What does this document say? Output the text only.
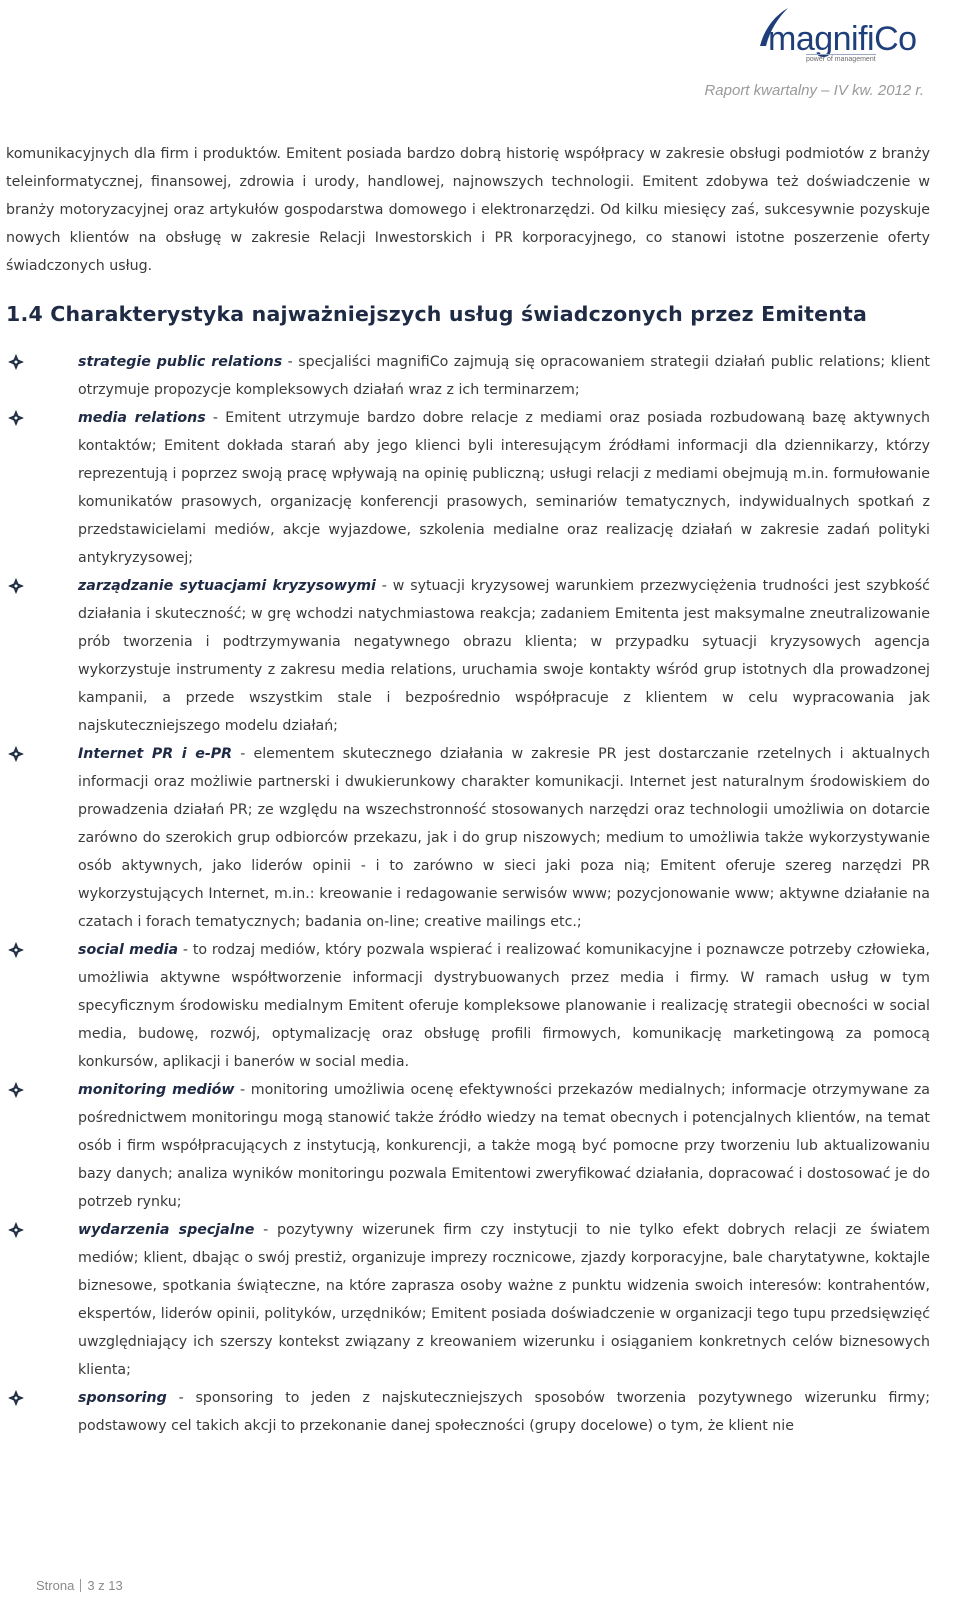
magnifiCo
power of management
Raport kwartalny – IV kw. 2012 r.

komunikacyjnych dla firm i produktów. Emitent posiada bardzo dobrą historię współpracy w zakresie obsługi podmiotów z branży teleinformatycznej, finansowej, zdrowia i urody, handlowej, najnowszych technologii. Emitent zdobywa też doświadczenie w branży motoryzacyjnej oraz artykułów gospodarstwa domowego i elektronarzędzi. Od kilku miesięcy zaś, sukcesywnie pozyskuje nowych klientów na obsługę w zakresie Relacji Inwestorskich i PR korporacyjnego, co stanowi istotne poszerzenie oferty świadczonych usług.

1.4 Charakterystyka najważniejszych usług świadczonych przez Emitenta
strategie public relations - specjaliści magnifiCo zajmują się opracowaniem strategii działań public relations; klient otrzymuje propozycje kompleksowych działań wraz z ich terminarzem;
media relations - Emitent utrzymuje bardzo dobre relacje z mediami oraz posiada rozbudowaną bazę aktywnych kontaktów; Emitent dokłada starań aby jego klienci byli interesującym źródłami informacji dla dziennikarzy, którzy reprezentują i poprzez swoją pracę wpływają na opinię publiczną; usługi relacji z mediami obejmują m.in. formułowanie komunikatów prasowych, organizację konferencji prasowych, seminariów tematycznych, indywidualnych spotkań z przedstawicielami mediów, akcje wyjazdowe, szkolenia medialne oraz realizację działań w zakresie zadań polityki antykryzysowej;
zarządzanie sytuacjami kryzysowymi - w sytuacji kryzysowej warunkiem przezwyciężenia trudności jest szybkość działania i skuteczność; w grę wchodzi natychmiastowa reakcja; zadaniem Emitenta jest maksymalne zneutralizowanie prób tworzenia i podtrzymywania negatywnego obrazu klienta; w przypadku sytuacji kryzysowych agencja wykorzystuje instrumenty z zakresu media relations, uruchamia swoje kontakty wśród grup istotnych dla prowadzonej kampanii, a przede wszystkim stale i bezpośrednio współpracuje z klientem w celu wypracowania jak najskuteczniejszego modelu działań;
Internet PR i e-PR - elementem skutecznego działania w zakresie PR jest dostarczanie rzetelnych i aktualnych informacji oraz możliwie partnerski i dwukierunkowy charakter komunikacji. Internet jest naturalnym środowiskiem do prowadzenia działań PR; ze względu na wszechstronność stosowanych narzędzi oraz technologii umożliwia on dotarcie zarówno do szerokich grup odbiorców przekazu, jak i do grup niszowych; medium to umożliwia także wykorzystywanie osób aktywnych, jako liderów opinii - i to zarówno w sieci jaki poza nią; Emitent oferuje szereg narzędzi PR wykorzystujących Internet, m.in.: kreowanie i redagowanie serwisów www; pozycjonowanie www; aktywne działanie na czatach i forach tematycznych; badania on-line; creative mailings etc.;
social media - to rodzaj mediów, który pozwala wspierać i realizować komunikacyjne i poznawcze potrzeby człowieka, umożliwia aktywne współtworzenie informacji dystrybuowanych przez media i firmy. W ramach usług w tym specyficznym środowisku medialnym Emitent oferuje kompleksowe planowanie i realizację strategii obecności w social media, budowę, rozwój, optymalizację oraz obsługę profili firmowych, komunikację marketingową za pomocą konkursów, aplikacji i banerów w social media.
monitoring mediów - monitoring umożliwia ocenę efektywności przekazów medialnych; informacje otrzymywane za pośrednictwem monitoringu mogą stanowić także źródło wiedzy na temat obecnych i potencjalnych klientów, na temat osób i firm współpracujących z instytucją, konkurencji, a także mogą być pomocne przy tworzeniu lub aktualizowaniu bazy danych; analiza wyników monitoringu pozwala Emitentowi zweryfikować działania, dopracować i dostosować je do potrzeb rynku;
wydarzenia specjalne - pozytywny wizerunek firm czy instytucji to nie tylko efekt dobrych relacji ze światem mediów; klient, dbając o swój prestiż, organizuje imprezy rocznicowe, zjazdy korporacyjne, bale charytatywne, koktajle biznesowe, spotkania świąteczne, na które zaprasza osoby ważne z punktu widzenia swoich interesów: kontrahentów, ekspertów, liderów opinii, polityków, urzędników; Emitent posiada doświadczenie w organizacji tego tupu przedsięwzięć uwzględniający ich szerszy kontekst związany z kreowaniem wizerunku i osiąganiem konkretnych celów biznesowych klienta;
sponsoring - sponsoring to jeden z najskuteczniejszych sposobów tworzenia pozytywnego wizerunku firmy; podstawowy cel takich akcji to przekonanie danej społeczności (grupy docelowe) o tym, że klient nie
Strona 3 z 13
